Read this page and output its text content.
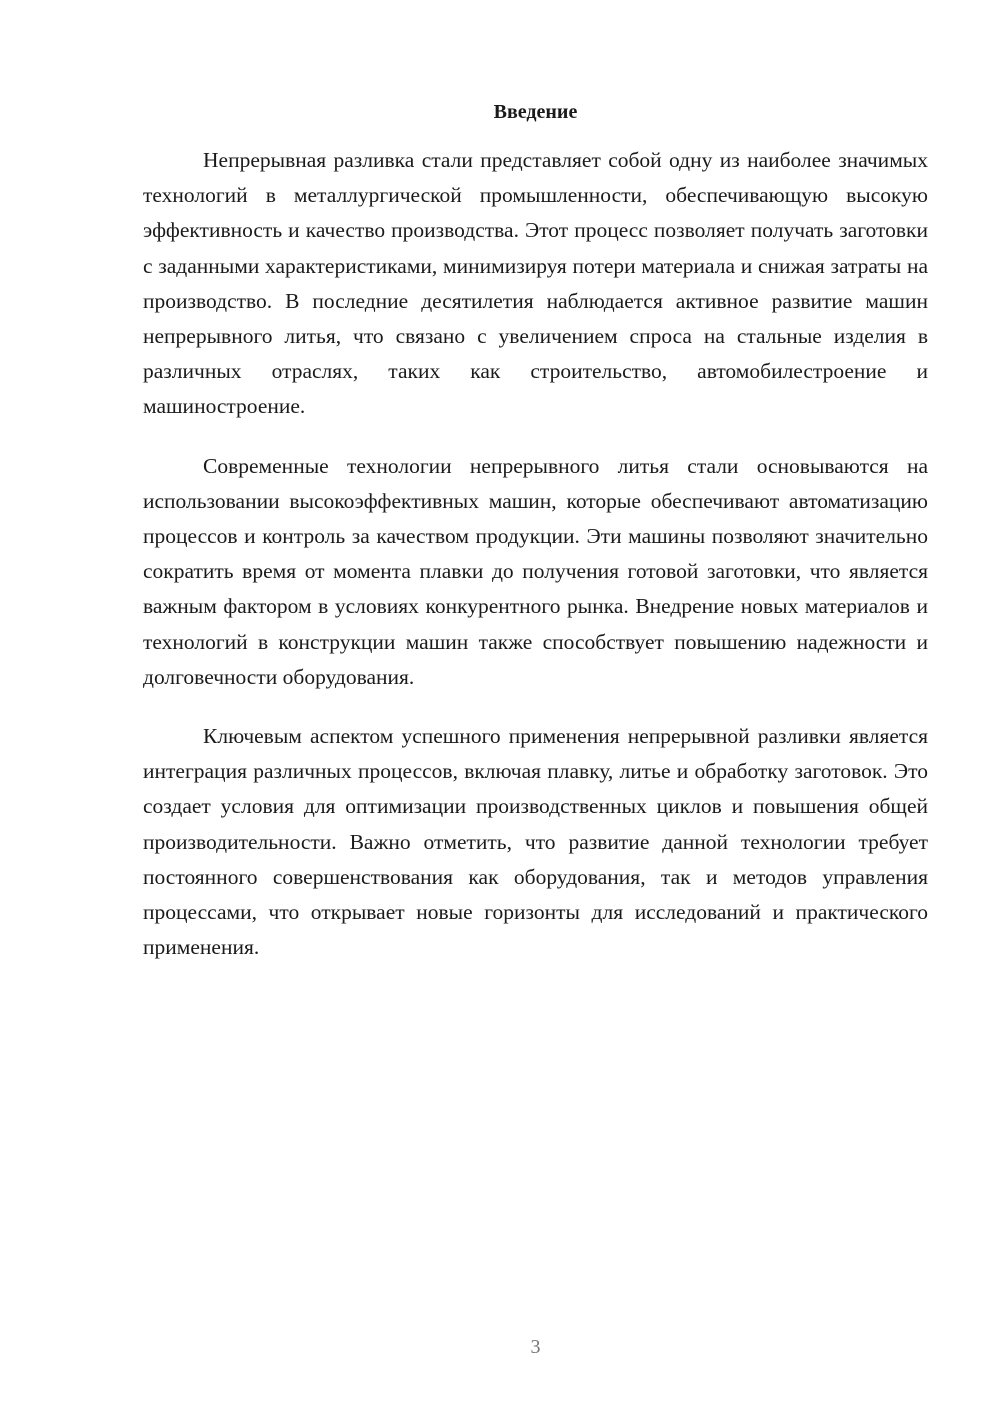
Введение

Непрерывная разливка стали представляет собой одну из наиболее значимых технологий в металлургической промышленности, обеспечивающую высокую эффективность и качество производства. Этот процесс позволяет получать заготовки с заданными характеристиками, минимизируя потери материала и снижая затраты на производство. В последние десятилетия наблюдается активное развитие машин непрерывного литья, что связано с увеличением спроса на стальные изделия в различных отраслях, таких как строительство, автомобилестроение и машиностроение.

Современные технологии непрерывного литья стали основываются на использовании высокоэффективных машин, которые обеспечивают автоматизацию процессов и контроль за качеством продукции. Эти машины позволяют значительно сократить время от момента плавки до получения готовой заготовки, что является важным фактором в условиях конкурентного рынка. Внедрение новых материалов и технологий в конструкции машин также способствует повышению надежности и долговечности оборудования.

Ключевым аспектом успешного применения непрерывной разливки является интеграция различных процессов, включая плавку, литье и обработку заготовок. Это создает условия для оптимизации производственных циклов и повышения общей производительности. Важно отметить, что развитие данной технологии требует постоянного совершенствования как оборудования, так и методов управления процессами, что открывает новые горизонты для исследований и практического применения.

3
